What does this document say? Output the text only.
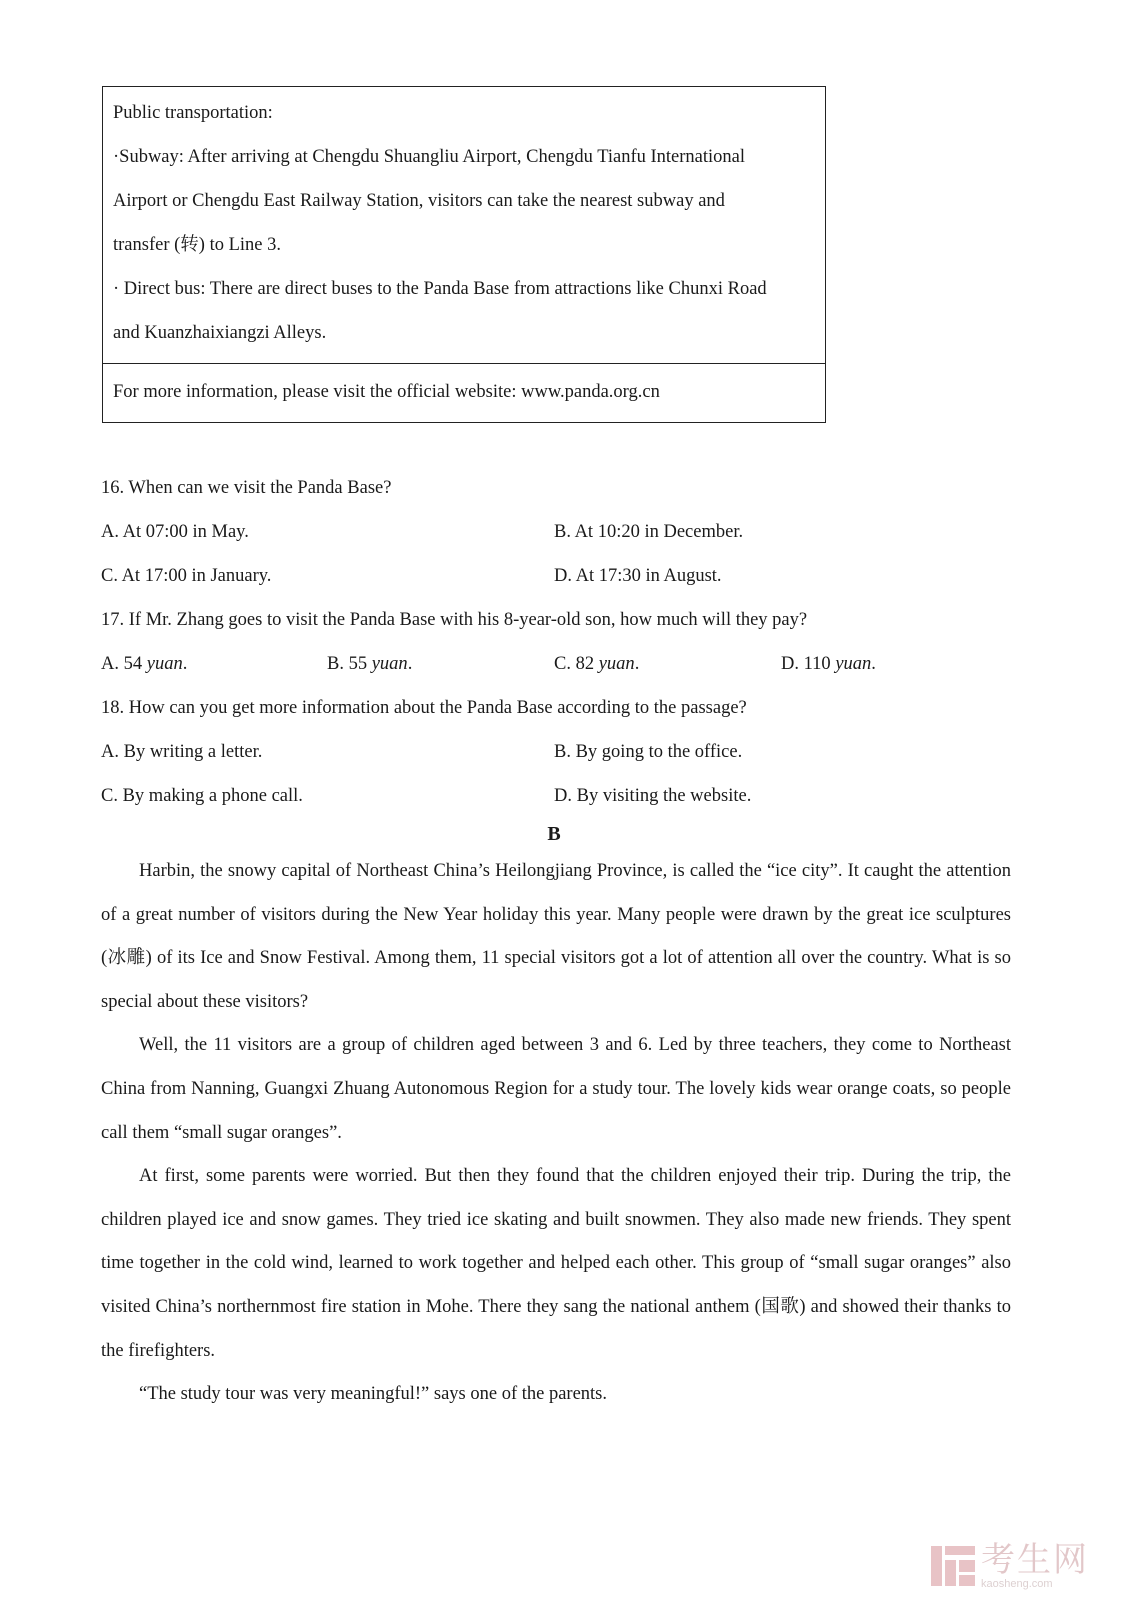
Public transportation:

·Subway: After arriving at Chengdu Shuangliu Airport, Chengdu Tianfu International

Airport or Chengdu East Railway Station, visitors can take the nearest subway and

transfer (转) to Line 3.

· Direct bus: There are direct buses to the Panda Base from attractions like Chunxi Road

and Kuanzhaixiangzi Alleys.

For more information, please visit the official website: www.panda.org.cn

16. When can we visit the Panda Base?

A. At 07:00 in May.	B. At 10:20 in December.
C. At 17:00 in January.	D. At 17:30 in August.

17. If Mr. Zhang goes to visit the Panda Base with his 8-year-old son, how much will they pay?

A. 54 yuan.	B. 55 yuan.	C. 82 yuan.	D. 110 yuan.

18. How can you get more information about the Panda Base according to the passage?

A. By writing a letter.	B. By going to the office.
C. By making a phone call.	D. By visiting the website.
B

Harbin, the snowy capital of Northeast China’s Heilongjiang Province, is called the “ice city”. It caught the attention of a great number of visitors during the New Year holiday this year. Many people were drawn by the great ice sculptures (冰雕) of its Ice and Snow Festival. Among them, 11 special visitors got a lot of attention all over the country. What is so special about these visitors?

Well, the 11 visitors are a group of children aged between 3 and 6. Led by three teachers, they come to Northeast China from Nanning, Guangxi Zhuang Autonomous Region for a study tour. The lovely kids wear orange coats, so people call them “small sugar oranges”.

At first, some parents were worried. But then they found that the children enjoyed their trip. During the trip, the children played ice and snow games. They tried ice skating and built snowmen. They also made new friends. They spent time together in the cold wind, learned to work together and helped each other. This group of “small sugar oranges” also visited China’s northernmost fire station in Mohe. There they sang the national anthem (国歌) and showed their thanks to the firefighters.

“The study tour was very meaningful!” says one of the parents.

考生网
kaosheng.com
